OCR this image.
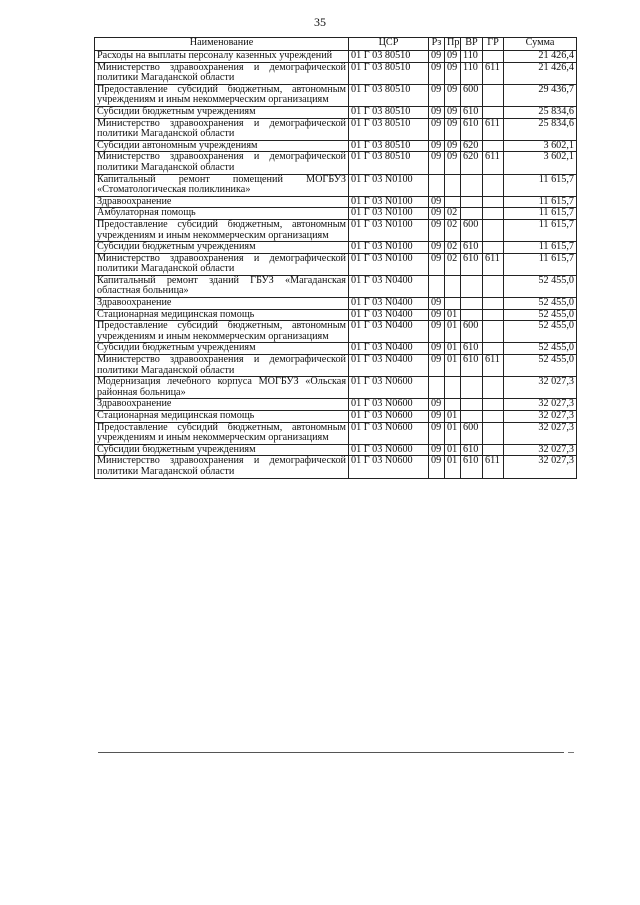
35
Наименование	ЦСР	Рз	Пр	ВР	ГР	Сумма
Расходы на выплаты персоналу казенных учреждений	01 Г 03 80510	09	09	110		21 426,4
Министерство здравоохранения и демографической политики Магаданской области	01 Г 03 80510	09	09	110	611	21 426,4
Предоставление субсидий бюджетным, автономным учреждениям и иным некоммерческим организациям	01 Г 03 80510	09	09	600		29 436,7
Субсидии бюджетным учреждениям	01 Г 03 80510	09	09	610		25 834,6
Министерство здравоохранения и демографической политики Магаданской области	01 Г 03 80510	09	09	610	611	25 834,6
Субсидии автономным учреждениям	01 Г 03 80510	09	09	620		3 602,1
Министерство здравоохранения и демографической политики Магаданской области	01 Г 03 80510	09	09	620	611	3 602,1
Капитальный ремонт помещений МОГБУЗ «Стоматологическая поликлиника»	01 Г 03 N0100					11 615,7
Здравоохранение	01 Г 03 N0100	09				11 615,7
Амбулаторная помощь	01 Г 03 N0100	09	02			11 615,7
Предоставление субсидий бюджетным, автономным учреждениям и иным некоммерческим организациям	01 Г 03 N0100	09	02	600		11 615,7
Субсидии бюджетным учреждениям	01 Г 03 N0100	09	02	610		11 615,7
Министерство здравоохранения и демографической политики Магаданской области	01 Г 03 N0100	09	02	610	611	11 615,7
Капитальный ремонт зданий ГБУЗ «Магаданская областная больница»	01 Г 03 N0400					52 455,0
Здравоохранение	01 Г 03 N0400	09				52 455,0
Стационарная медицинская помощь	01 Г 03 N0400	09	01			52 455,0
Предоставление субсидий бюджетным, автономным учреждениям и иным некоммерческим организациям	01 Г 03 N0400	09	01	600		52 455,0
Субсидии бюджетным учреждениям	01 Г 03 N0400	09	01	610		52 455,0
Министерство здравоохранения и демографической политики Магаданской области	01 Г 03 N0400	09	01	610	611	52 455,0
Модернизация лечебного корпуса МОГБУЗ «Ольская районная больница»	01 Г 03 N0600					32 027,3
Здравоохранение	01 Г 03 N0600	09				32 027,3
Стационарная медицинская помощь	01 Г 03 N0600	09	01			32 027,3
Предоставление субсидий бюджетным, автономным учреждениям и иным некоммерческим организациям	01 Г 03 N0600	09	01	600		32 027,3
Субсидии бюджетным учреждениям	01 Г 03 N0600	09	01	610		32 027,3
Министерство здравоохранения и демографической политики Магаданской области	01 Г 03 N0600	09	01	610	611	32 027,3
